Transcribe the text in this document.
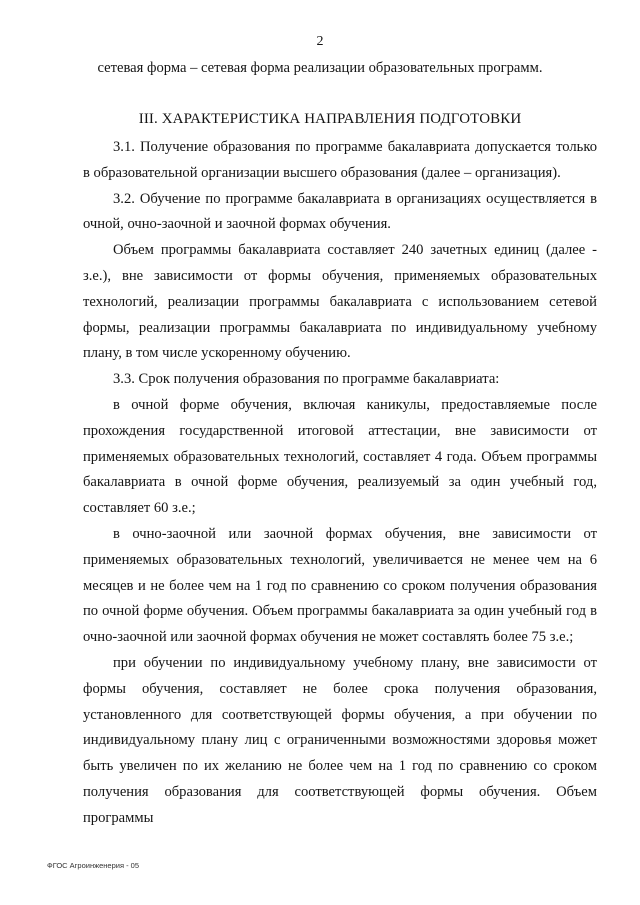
2
сетевая форма – сетевая форма реализации образовательных программ.
III. ХАРАКТЕРИСТИКА НАПРАВЛЕНИЯ ПОДГОТОВКИ

3.1. Получение образования по программе бакалавриата допускается только в образовательной организации высшего образования (далее – организация).

3.2. Обучение по программе бакалавриата в организациях осуществляется в очной, очно-заочной и заочной формах обучения.

Объем программы бакалавриата составляет 240 зачетных единиц (далее - з.е.), вне зависимости от формы обучения, применяемых образовательных технологий, реализации программы бакалавриата с использованием сетевой формы, реализации программы бакалавриата по индивидуальному учебному плану, в том числе ускоренному обучению.

3.3. Срок получения образования по программе бакалавриата:

в очной форме обучения, включая каникулы, предоставляемые после прохождения государственной итоговой аттестации, вне зависимости от применяемых образовательных технологий, составляет 4 года. Объем программы бакалавриата в очной форме обучения, реализуемый за один учебный год, составляет 60 з.е.;

в очно-заочной или заочной формах обучения, вне зависимости от применяемых образовательных технологий, увеличивается не менее чем на 6 месяцев и не более чем на 1 год по сравнению со сроком получения образования по очной форме обучения. Объем программы бакалавриата за один учебный год в очно-заочной или заочной формах обучения не может составлять более 75 з.е.;

при обучении по индивидуальному учебному плану, вне зависимости от формы обучения, составляет не более срока получения образования, установленного для соответствующей формы обучения, а при обучении по индивидуальному плану лиц с ограниченными возможностями здоровья может быть увеличен по их желанию не более чем на 1 год по сравнению со сроком получения образования для соответствующей формы обучения. Объем программы

ФГОС Агроинженерия - 05
